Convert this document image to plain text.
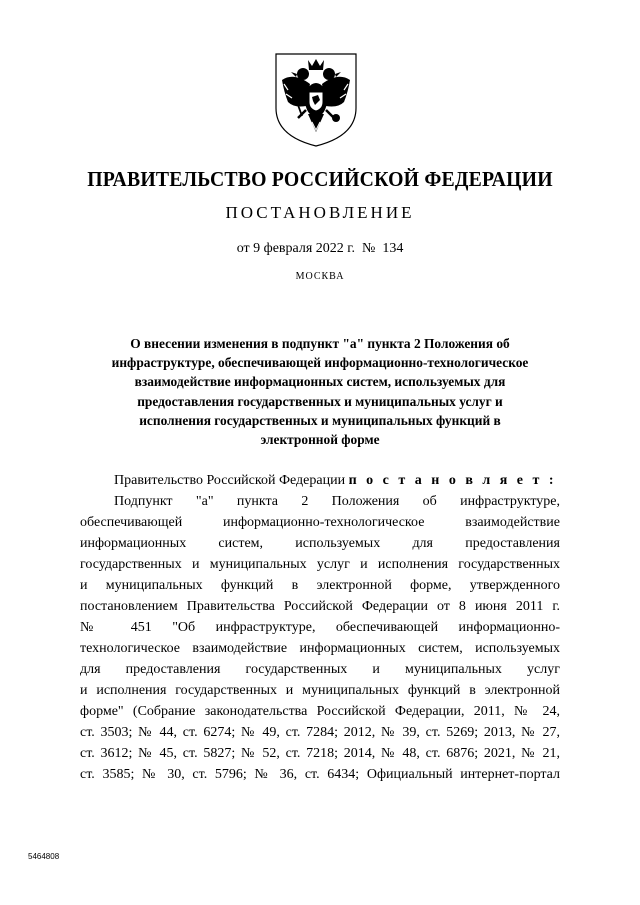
ПРАВИТЕЛЬСТВО РОССИЙСКОЙ ФЕДЕРАЦИИ
ПОСТАНОВЛЕНИЕ
от 9 февраля 2022 г. № 134
МОСКВА
О внесении изменения в подпункт "а" пункта 2 Положения об
инфраструктуре, обеспечивающей информационно-технологическое
взаимодействие информационных систем, используемых для
предоставления государственных и муниципальных услуг и
исполнения государственных и муниципальных функций в
электронной форме
Правительство Российской Федерации п о с т а н о в л я е т :
Подпункт "а" пункта 2 Положения об инфраструктуре,
обеспечивающей информационно-технологическое взаимодействие
информационных систем, используемых для предоставления
государственных и муниципальных услуг и исполнения государственных
и муниципальных функций в электронной форме, утвержденного
постановлением Правительства Российской Федерации от 8 июня 2011 г.
№ 451 "Об инфраструктуре, обеспечивающей информационно-
технологическое взаимодействие информационных систем, используемых
для предоставления государственных и муниципальных услуг
и исполнения государственных и муниципальных функций в электронной
форме" (Собрание законодательства Российской Федерации, 2011, № 24,
ст. 3503; № 44, ст. 6274; № 49, ст. 7284; 2012, № 39, ст. 5269; 2013, № 27,
ст. 3612; № 45, ст. 5827; № 52, ст. 7218; 2014, № 48, ст. 6876; 2021, № 21,
ст. 3585; № 30, ст. 5796; № 36, ст. 6434; Официальный интернет-портал
5464808
